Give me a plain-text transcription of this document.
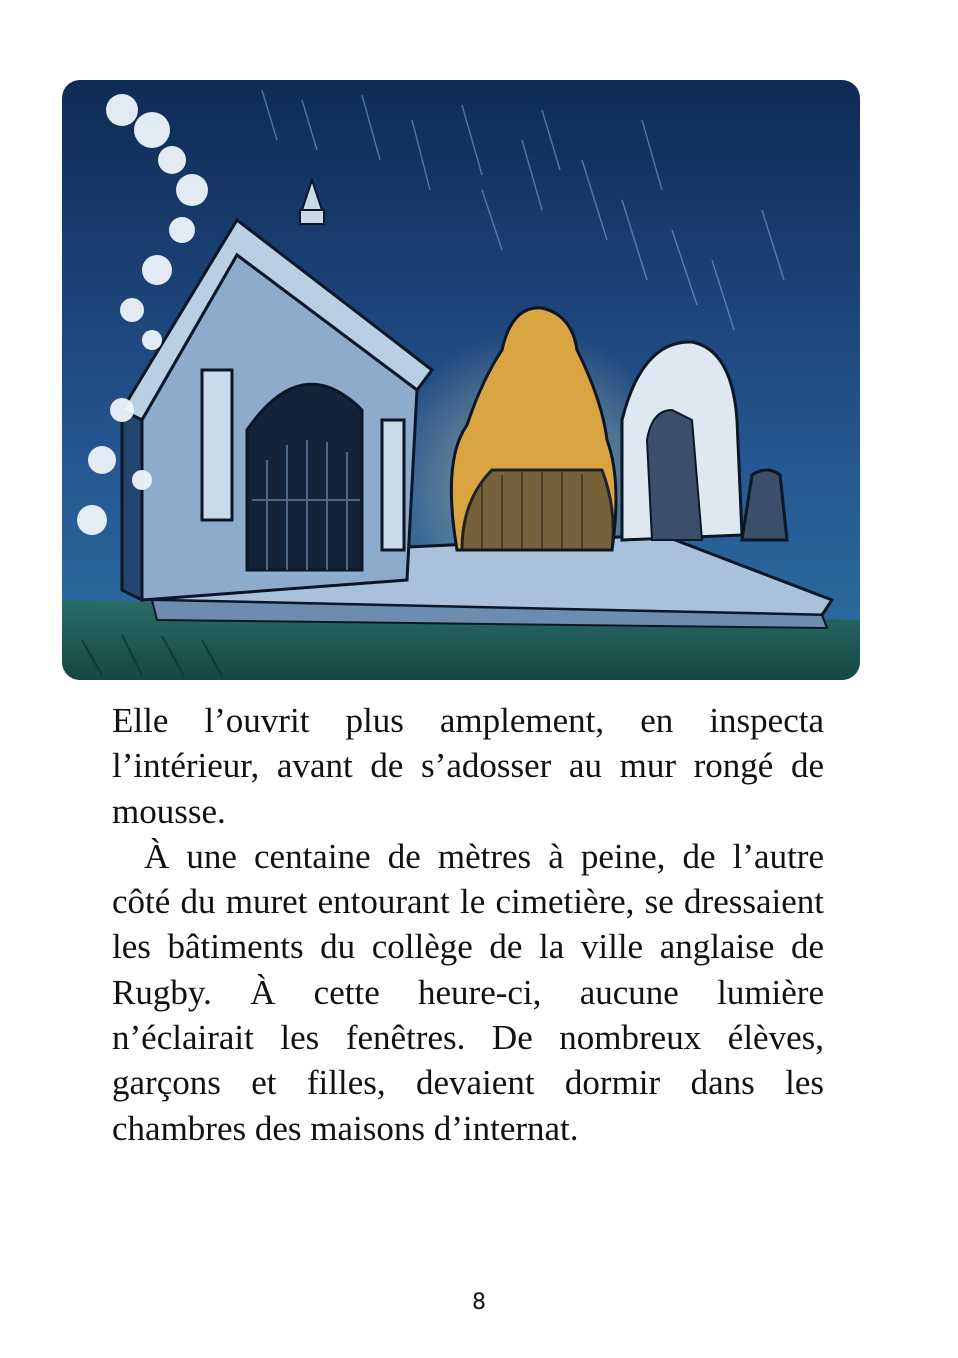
Elle l’ouvrit plus amplement, en inspecta l’intérieur, avant de s’adosser au mur rongé de mousse.

À une centaine de mètres à peine, de l’autre côté du muret entourant le cimetière, se dressaient les bâtiments du collège de la ville anglaise de Rugby. À cette heure-ci, aucune lumière n’éclairait les fenêtres. De nombreux élèves, garçons et filles, devaient dormir dans les chambres des maisons d’internat.

8
